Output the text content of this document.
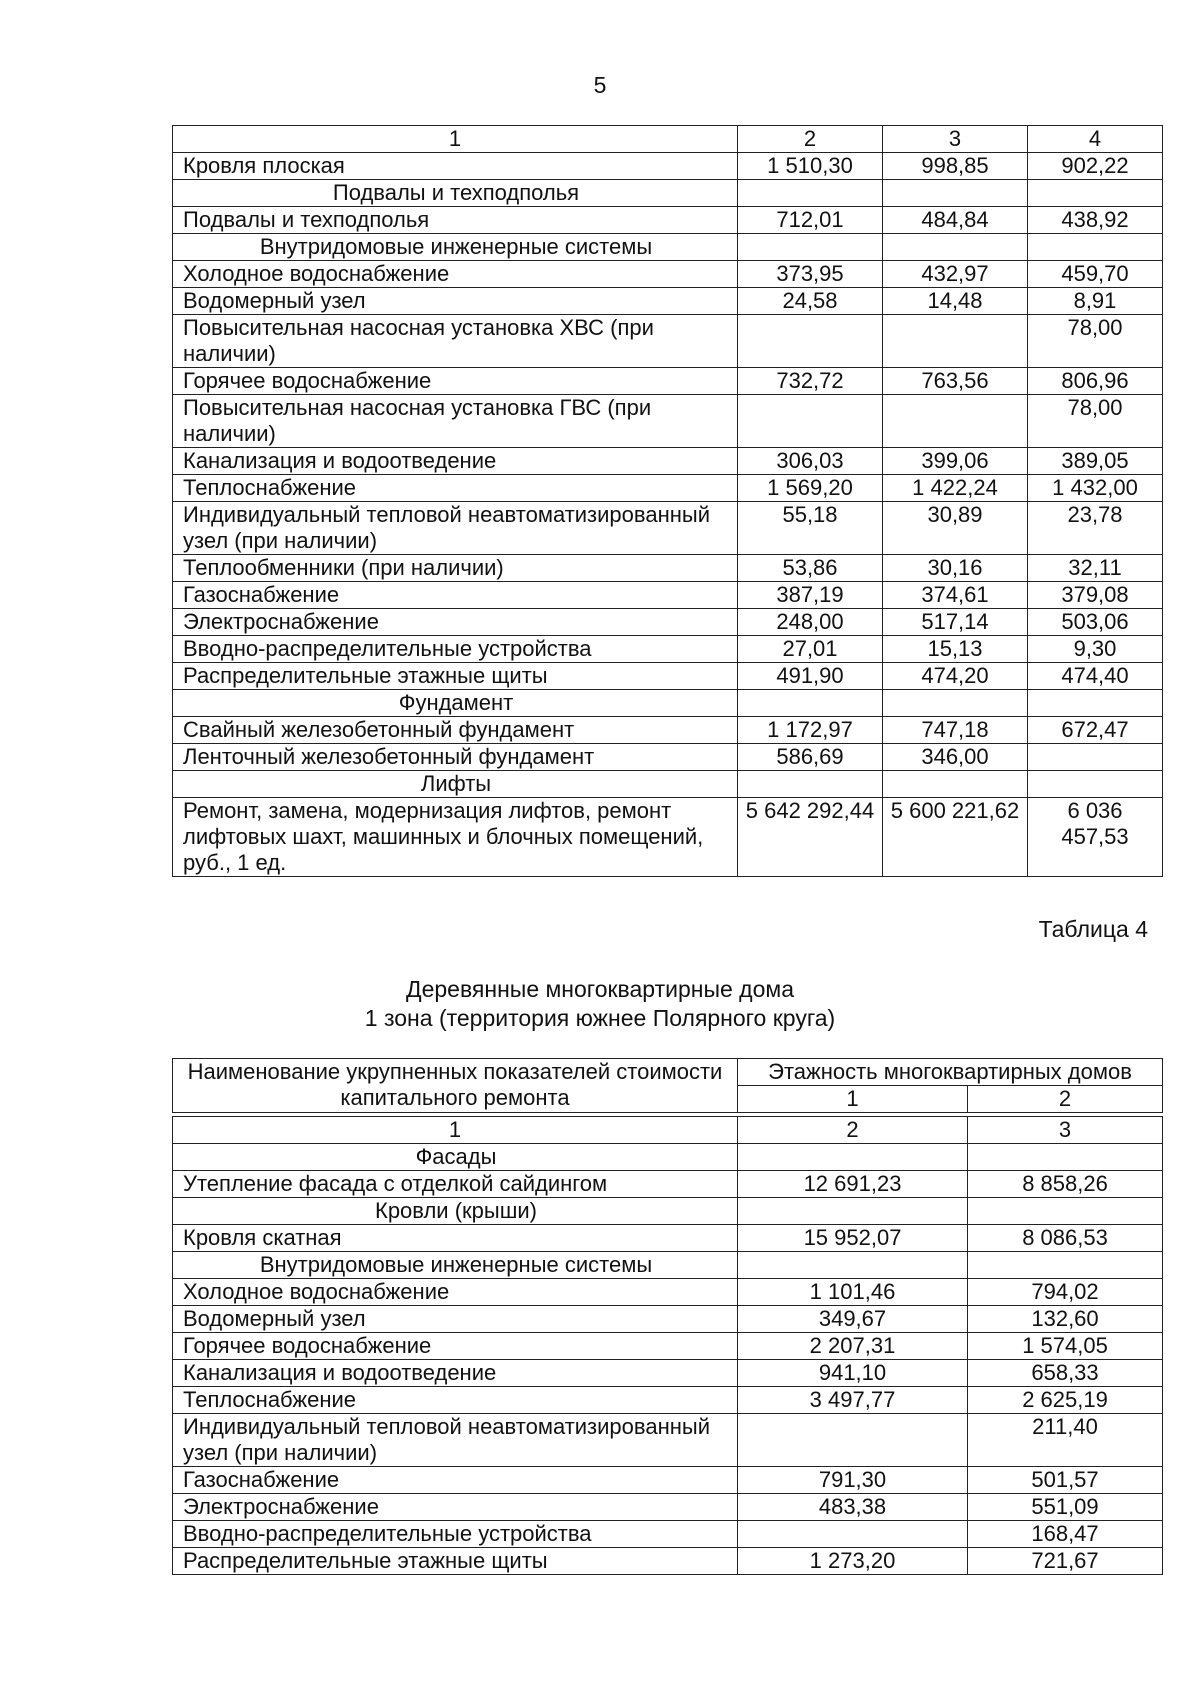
5
1	2	3	4
Кровля плоская	1 510,30	998,85	902,22
Подвалы и техподполья			
Подвалы и техподполья	712,01	484,84	438,92
Внутридомовые инженерные системы			
Холодное водоснабжение	373,95	432,97	459,70
Водомерный узел	24,58	14,48	8,91
Повысительная насосная установка ХВС (при наличии)			78,00
Горячее водоснабжение	732,72	763,56	806,96
Повысительная насосная установка ГВС (при наличии)			78,00
Канализация и водоотведение	306,03	399,06	389,05
Теплоснабжение	1 569,20	1 422,24	1 432,00
Индивидуальный тепловой неавтоматизированный узел (при наличии)	55,18	30,89	23,78
Теплообменники (при наличии)	53,86	30,16	32,11
Газоснабжение	387,19	374,61	379,08
Электроснабжение	248,00	517,14	503,06
Вводно-распределительные устройства	27,01	15,13	9,30
Распределительные этажные щиты	491,90	474,20	474,40
Фундамент			
Свайный железобетонный фундамент	1 172,97	747,18	672,47
Ленточный железобетонный фундамент	586,69	346,00	
Лифты			
Ремонт, замена, модернизация лифтов, ремонт лифтовых шахт, машинных и блочных помещений, руб., 1 ед.	5 642 292,44	5 600 221,62	6 036 457,53
Таблица 4
Деревянные многоквартирные дома
1 зона (территория южнее Полярного круга)
Наименование укрупненных показателей стоимости капитального ремонта	Этажность многоквартирных домов	
	1	2

1	2	3
Фасады		
Утепление фасада с отделкой сайдингом	12 691,23	8 858,26
Кровли (крыши)		
Кровля скатная	15 952,07	8 086,53
Внутридомовые инженерные системы		
Холодное водоснабжение	1 101,46	794,02
Водомерный узел	349,67	132,60
Горячее водоснабжение	2 207,31	1 574,05
Канализация и водоотведение	941,10	658,33
Теплоснабжение	3 497,77	2 625,19
Индивидуальный тепловой неавтоматизированный узел (при наличии)		211,40
Газоснабжение	791,30	501,57
Электроснабжение	483,38	551,09
Вводно-распределительные устройства		168,47
Распределительные этажные щиты	1 273,20	721,67
